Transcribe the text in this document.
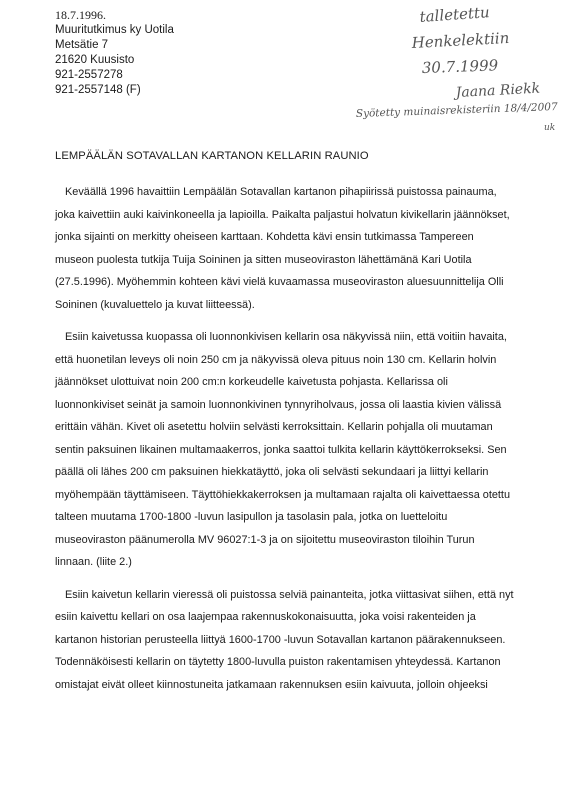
18.7.1996.
Muuritutkimus ky Uotila
Metsätie 7
21620 Kuusisto
921-2557278
921-2557148 (F)
talletettu
Henkelektiin
30.7.1999
Jaana Riekk
Syötetty muinaisrekisteriin 18/4/2007
uk
LEMPÄÄLÄN SOTAVALLAN KARTANON KELLARIN RAUNIO

Keväällä 1996 havaittiin Lempäälän Sotavallan kartanon pihapiirissä puistossa painauma,
joka kaivettiin auki kaivinkoneella ja lapioilla. Paikalta paljastui holvatun kivikellarin jäännökset,
jonka sijainti on merkitty oheiseen karttaan. Kohdetta kävi ensin tutkimassa Tampereen
museon puolesta tutkija Tuija Soininen ja sitten museoviraston lähettämänä Kari Uotila
(27.5.1996). Myöhemmin kohteen kävi vielä kuvaamassa museoviraston aluesuunnittelija Olli
Soininen (kuvaluettelo ja kuvat liitteessä).

Esiin kaivetussa kuopassa oli luonnonkivisen kellarin osa näkyvissä niin, että voitiin havaita,
että huonetilan leveys oli noin 250 cm ja näkyvissä oleva pituus noin 130 cm. Kellarin holvin
jäännökset ulottuivat noin 200 cm:n korkeudelle kaivetusta pohjasta. Kellarissa oli
luonnonkiviset seinät ja samoin luonnonkivinen tynnyriholvaus, jossa oli laastia kivien välissä
erittäin vähän. Kivet oli asetettu holviin selvästi kerroksittain. Kellarin pohjalla oli muutaman
sentin paksuinen likainen multamaakerros, jonka saattoi tulkita kellarin käyttökerrokseksi. Sen
päällä oli lähes 200 cm paksuinen hiekkatäyttö, joka oli selvästi sekundaari ja liittyi kellarin
myöhempään täyttämiseen. Täyttöhiekkakerroksen ja multamaan rajalta oli kaivettaessa otettu
talteen muutama 1700-1800 -luvun lasipullon ja tasolasin pala, jotka on luetteloitu
museoviraston päänumerolla MV 96027:1-3 ja on sijoitettu museoviraston tiloihin Turun
linnaan. (liite 2.)

Esiin kaivetun kellarin vieressä oli puistossa selviä painanteita, jotka viittasivat siihen, että nyt
esiin kaivettu kellari on osa laajempaa rakennuskokonaisuutta, joka voisi rakenteiden ja
kartanon historian perusteella liittyä 1600-1700 -luvun Sotavallan kartanon päärakennukseen.
Todennäköisesti kellarin on täytetty 1800-luvulla puiston rakentamisen yhteydessä. Kartanon
omistajat eivät olleet kiinnostuneita jatkamaan rakennuksen esiin kaivuuta, jolloin ohjeeksi
